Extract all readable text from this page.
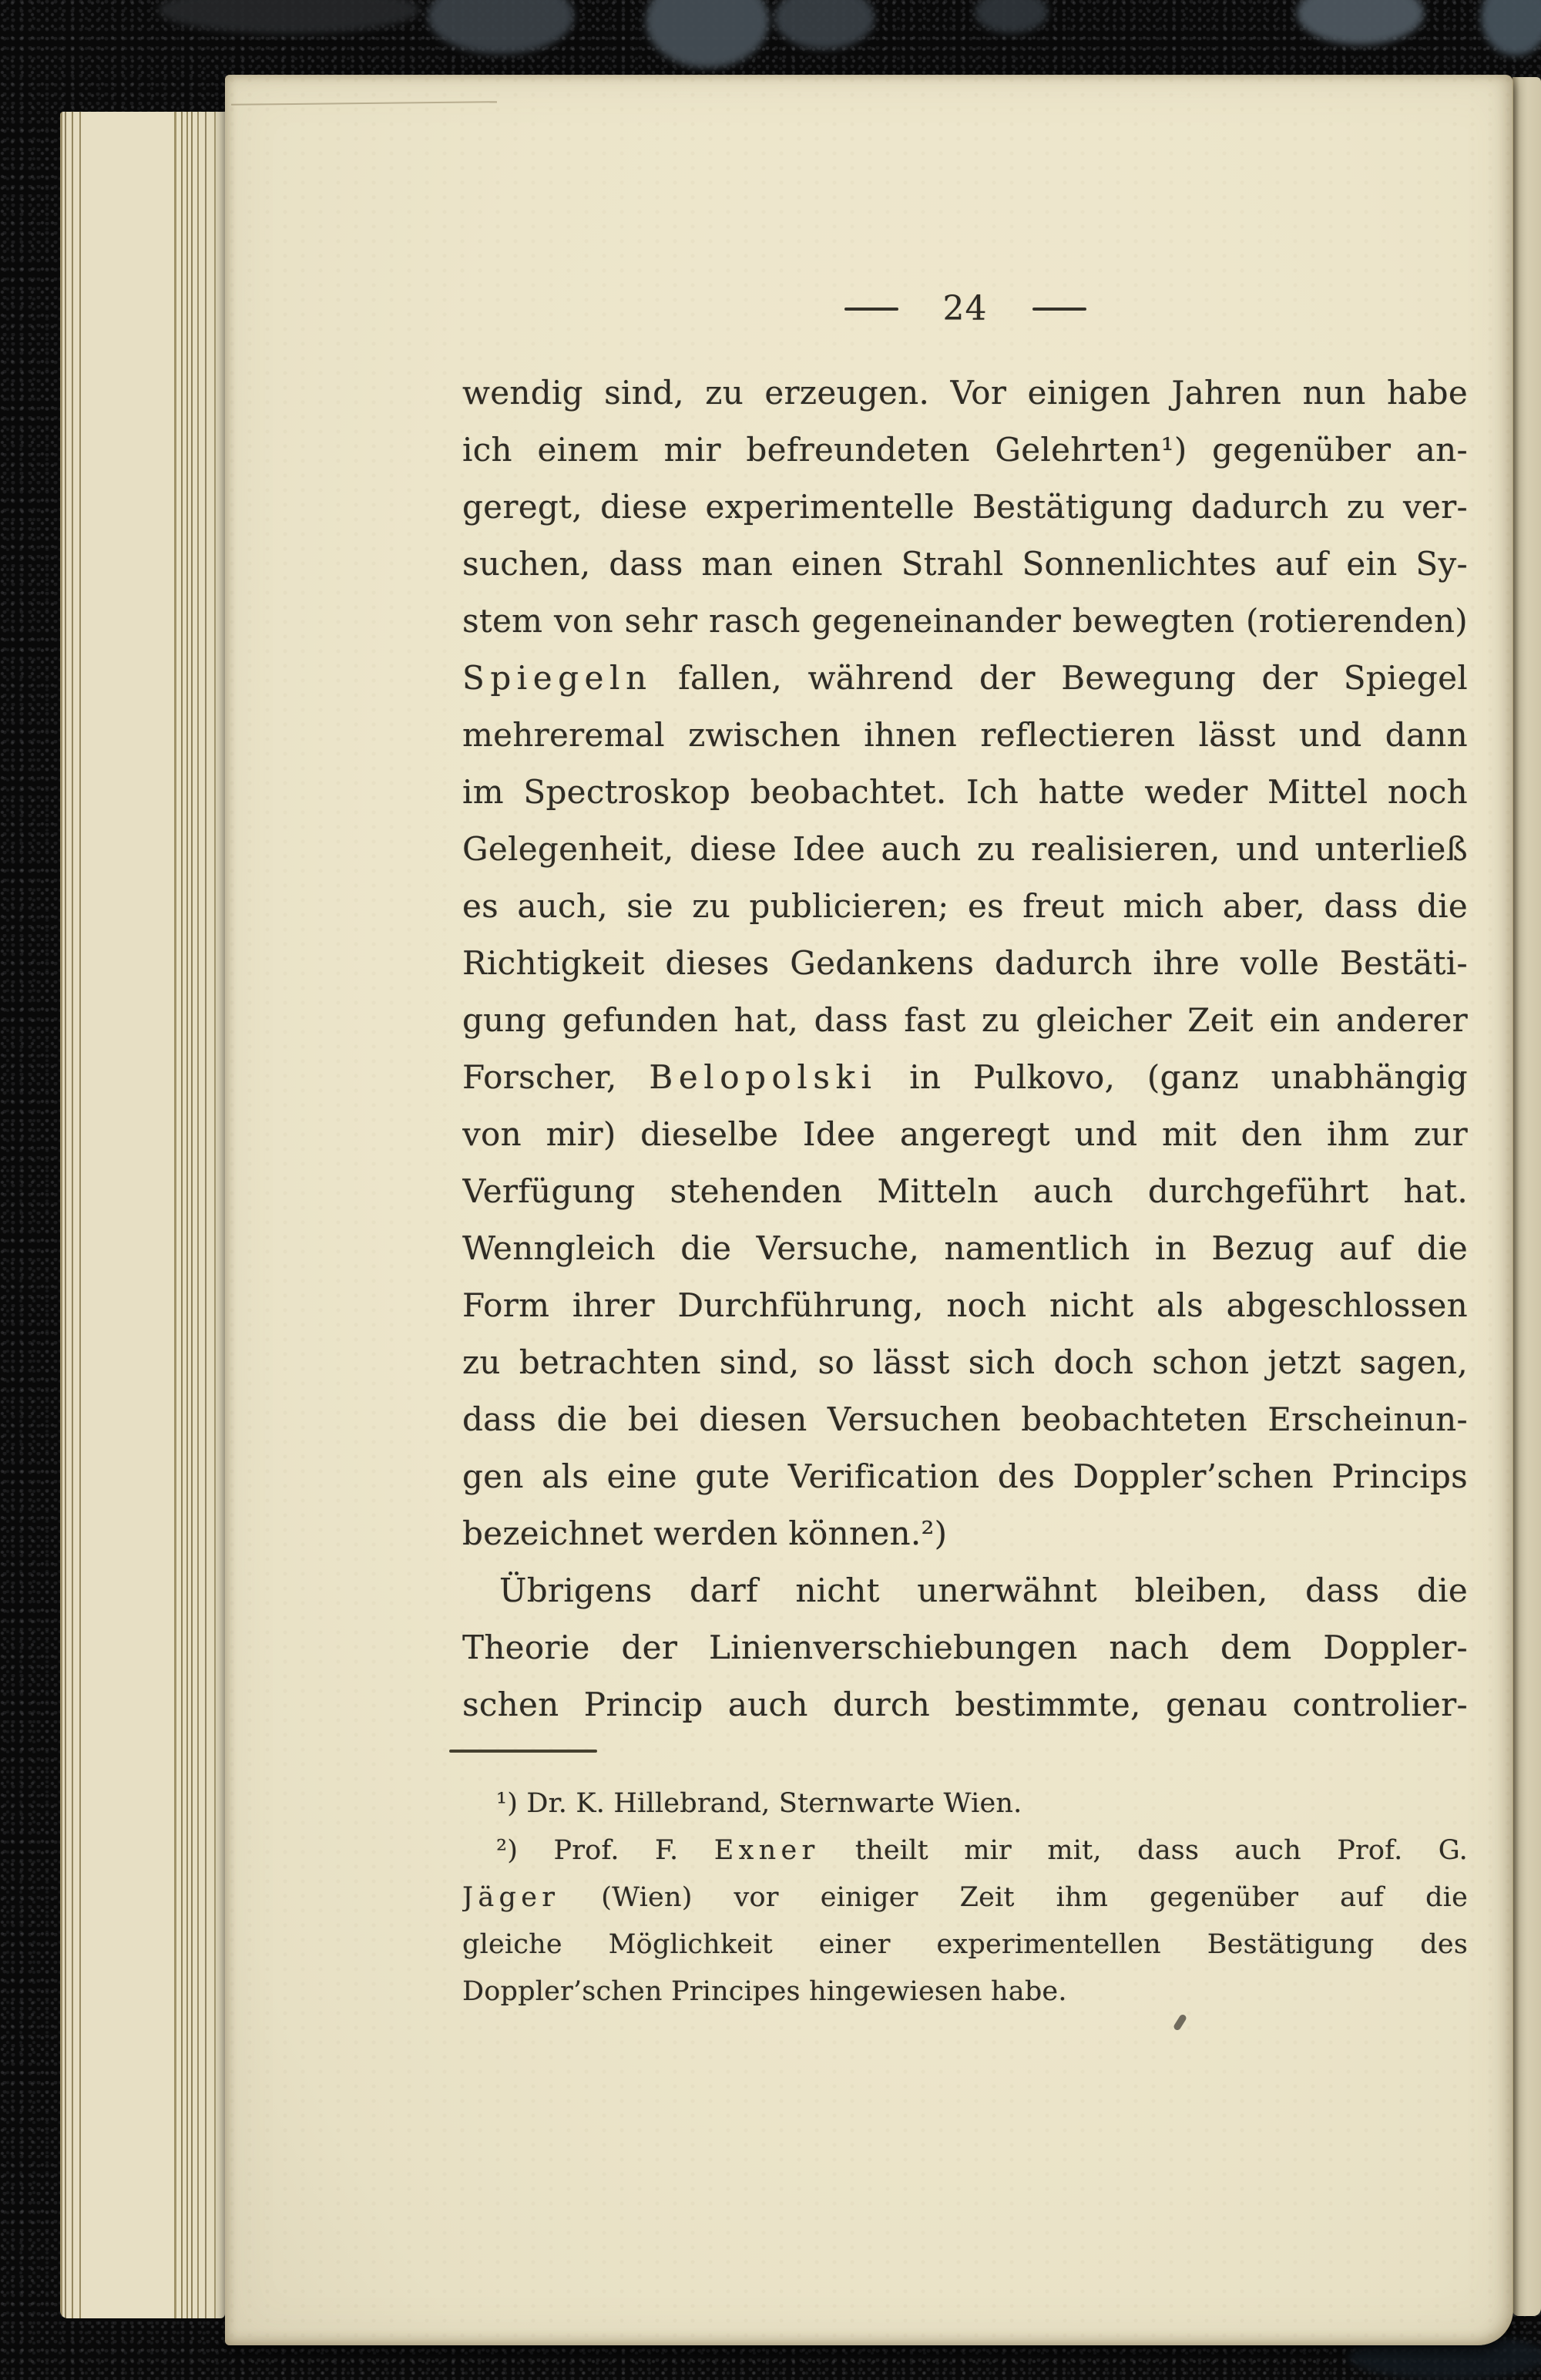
24
wendig sind, zu erzeugen. Vor einigen Jahren nun habe
ich einem mir befreundeten Gelehrten¹) gegenüber an-
geregt, diese experimentelle Bestätigung dadurch zu ver-
suchen, dass man einen Strahl Sonnenlichtes auf ein Sy-
stem von sehr rasch gegeneinander bewegten (rotierenden)
Spiegeln fallen, während der Bewegung der Spiegel
mehreremal zwischen ihnen reflectieren lässt und dann
im Spectroskop beobachtet. Ich hatte weder Mittel noch
Gelegenheit, diese Idee auch zu realisieren, und unterließ
es auch, sie zu publicieren; es freut mich aber, dass die
Richtigkeit dieses Gedankens dadurch ihre volle Bestäti-
gung gefunden hat, dass fast zu gleicher Zeit ein anderer
Forscher, Belopolski in Pulkovo, (ganz unabhängig
von mir) dieselbe Idee angeregt und mit den ihm zur
Verfügung stehenden Mitteln auch durchgeführt hat.
Wenngleich die Versuche, namentlich in Bezug auf die
Form ihrer Durchführung, noch nicht als abgeschlossen
zu betrachten sind, so lässt sich doch schon jetzt sagen,
dass die bei diesen Versuchen beobachteten Erscheinun-
gen als eine gute Verification des Doppler’schen Princips
bezeichnet werden können.²)
Übrigens darf nicht unerwähnt bleiben, dass die
Theorie der Linienverschiebungen nach dem Doppler-
schen Princip auch durch bestimmte, genau controlier-
¹) Dr. K. Hillebrand, Sternwarte Wien.
²) Prof. F. Exner theilt mir mit, dass auch Prof. G.
Jäger (Wien) vor einiger Zeit ihm gegenüber auf die
gleiche Möglichkeit einer experimentellen Bestätigung des
Doppler’schen Principes hingewiesen habe.
